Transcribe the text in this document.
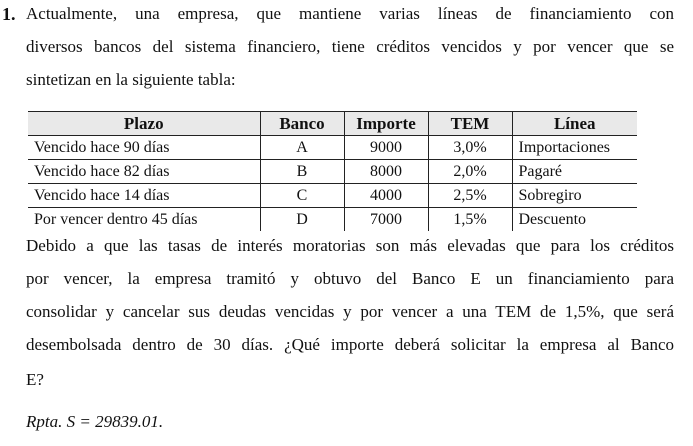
1. Actualmente, una empresa, que mantiene varias líneas de financiamiento con
diversos bancos del sistema financiero, tiene créditos vencidos y por vencer que se
sintetizan en la siguiente tabla:
Plazo	Banco	Importe	TEM	Línea
Vencido hace 90 días	A	9000	3,0%	Importaciones
Vencido hace 82 días	B	8000	2,0%	Pagaré
Vencido hace 14 días	C	4000	2,5%	Sobregiro
Por vencer dentro 45 días	D	7000	1,5%	Descuento
Debido a que las tasas de interés moratorias son más elevadas que para los créditos
por vencer, la empresa tramitó y obtuvo del Banco E un financiamiento para
consolidar y cancelar sus deudas vencidas y por vencer a una TEM de 1,5%, que será
desembolsada dentro de 30 días. ¿Qué importe deberá solicitar la empresa al Banco
E?
Rpta. S = 29839.01.
